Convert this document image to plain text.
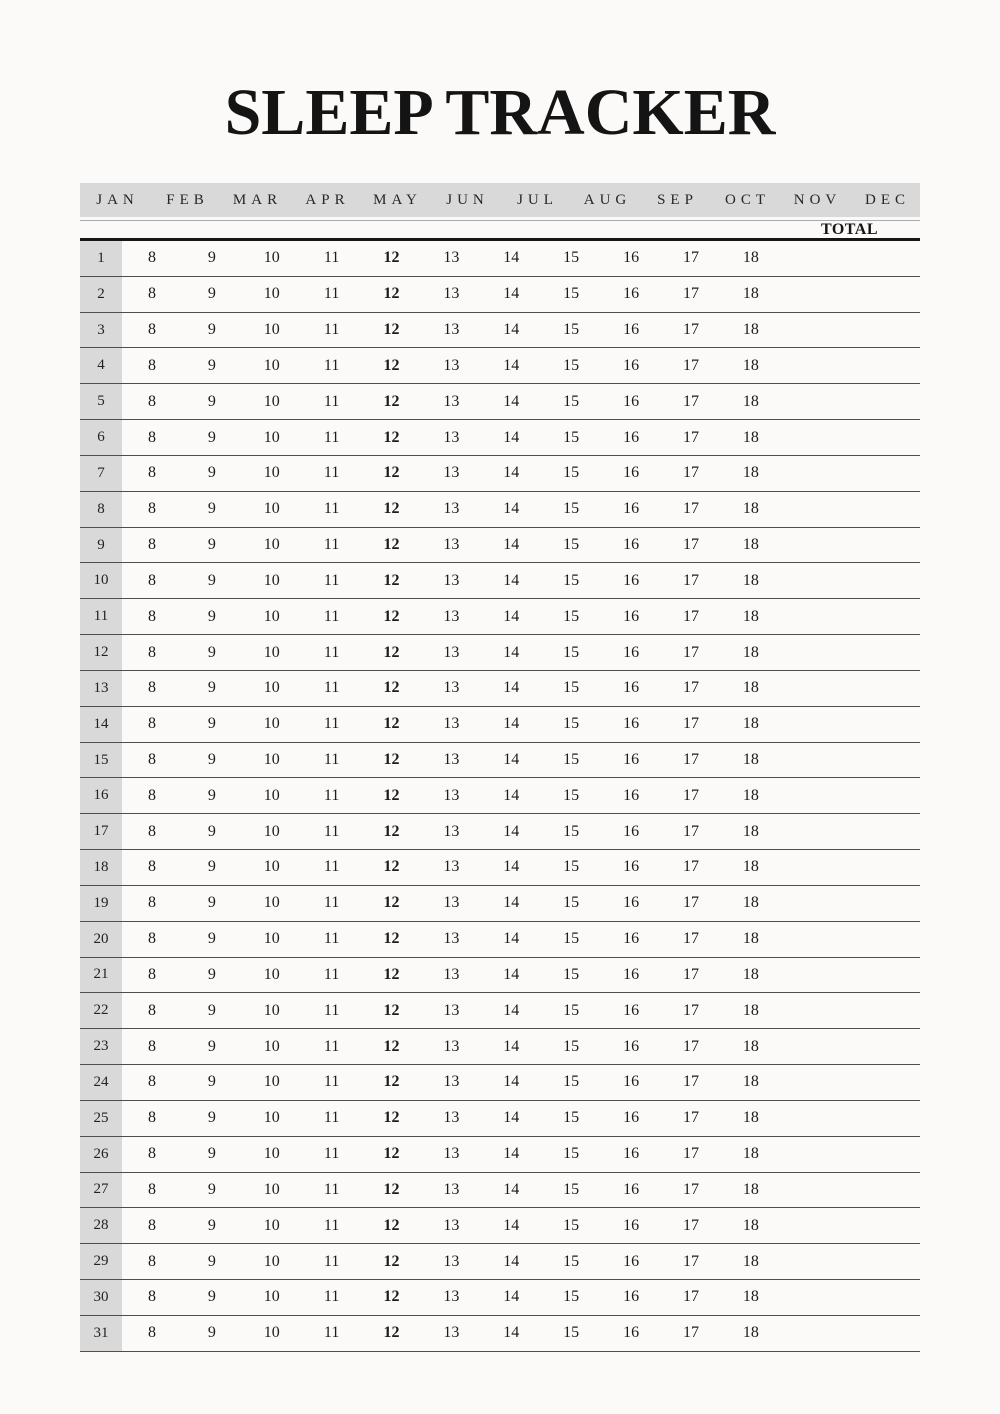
SLEEP TRACKER
JAN	FEB	MAR	APR	MAY	JUN	JUL	AUG	SEP	OCT	NOV	DEC
TOTAL
1	8	9	10	11	12	13	14	15	16	17	18
2	8	9	10	11	12	13	14	15	16	17	18
3	8	9	10	11	12	13	14	15	16	17	18
4	8	9	10	11	12	13	14	15	16	17	18
5	8	9	10	11	12	13	14	15	16	17	18
6	8	9	10	11	12	13	14	15	16	17	18
7	8	9	10	11	12	13	14	15	16	17	18
8	8	9	10	11	12	13	14	15	16	17	18
9	8	9	10	11	12	13	14	15	16	17	18
10	8	9	10	11	12	13	14	15	16	17	18
11	8	9	10	11	12	13	14	15	16	17	18
12	8	9	10	11	12	13	14	15	16	17	18
13	8	9	10	11	12	13	14	15	16	17	18
14	8	9	10	11	12	13	14	15	16	17	18
15	8	9	10	11	12	13	14	15	16	17	18
16	8	9	10	11	12	13	14	15	16	17	18
17	8	9	10	11	12	13	14	15	16	17	18
18	8	9	10	11	12	13	14	15	16	17	18
19	8	9	10	11	12	13	14	15	16	17	18
20	8	9	10	11	12	13	14	15	16	17	18
21	8	9	10	11	12	13	14	15	16	17	18
22	8	9	10	11	12	13	14	15	16	17	18
23	8	9	10	11	12	13	14	15	16	17	18
24	8	9	10	11	12	13	14	15	16	17	18
25	8	9	10	11	12	13	14	15	16	17	18
26	8	9	10	11	12	13	14	15	16	17	18
27	8	9	10	11	12	13	14	15	16	17	18
28	8	9	10	11	12	13	14	15	16	17	18
29	8	9	10	11	12	13	14	15	16	17	18
30	8	9	10	11	12	13	14	15	16	17	18
31	8	9	10	11	12	13	14	15	16	17	18
